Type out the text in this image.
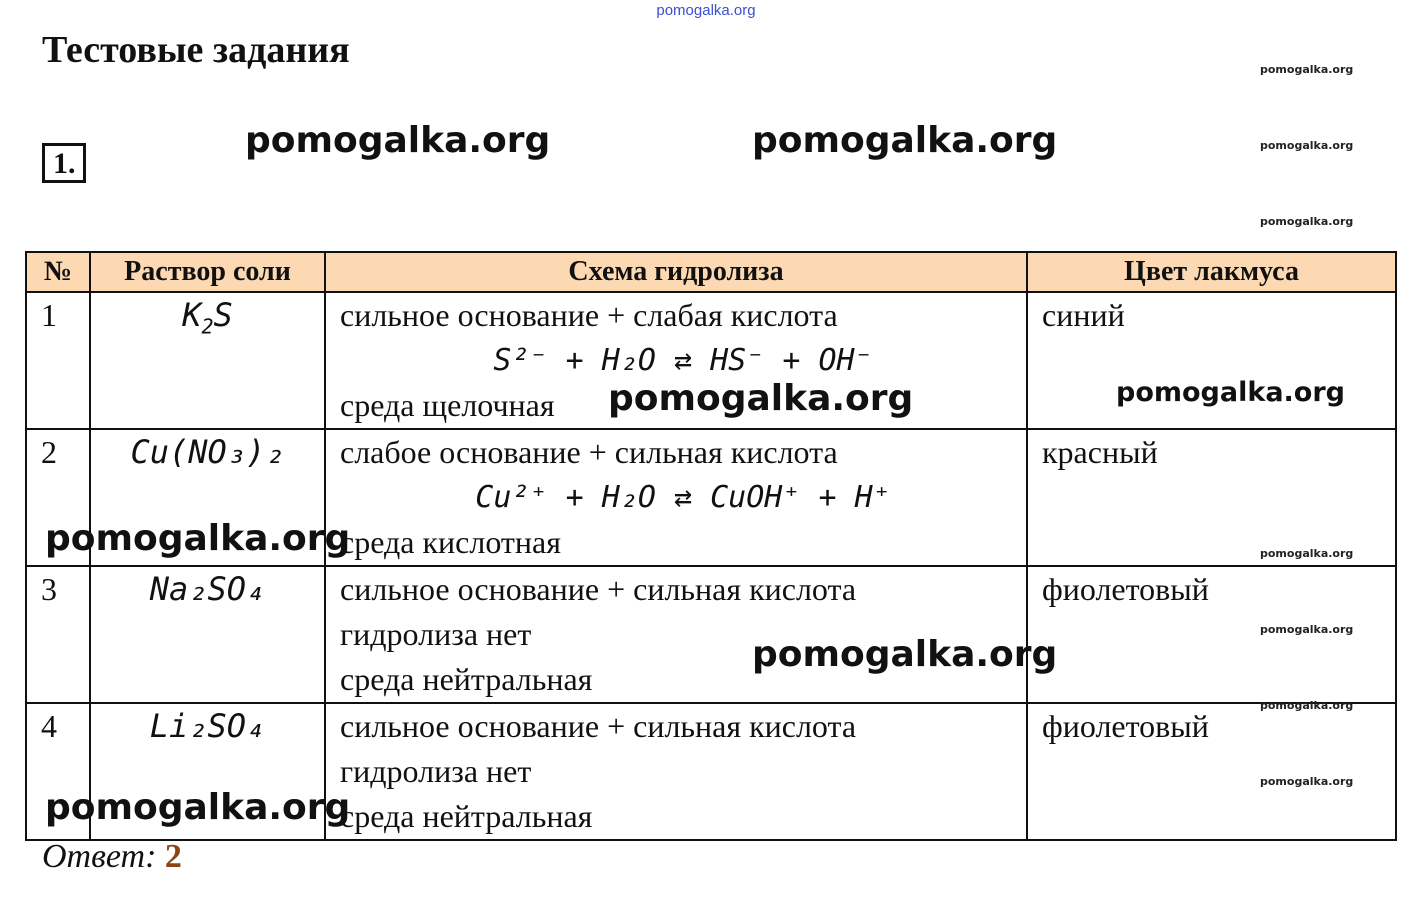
pomogalka.org
Тестовые задания
1.
pomogalka.org	pomogalka.org
pomogalka.org
pomogalka.org
pomogalka.org
№	Раствор соли	Схема гидролиза	Цвет лакмуса
1	$K_2S$	сильное основание + слабая кислота
S²⁻ + H₂O ⇄ HS⁻ + OH⁻
среда щелочная	синий
2	Cu(NO₃)₂	слабое основание + сильная кислота
Cu²⁺ + H₂O ⇄ CuOH⁺ + H⁺
среда кислотная	красный
3	Na₂SO₄	сильное основание + сильная кислота
гидролиза нет
среда нейтральная	фиолетовый
4	Li₂SO₄	сильное основание + сильная кислота
гидролиза нет
среда нейтральная	фиолетовый
pomogalka.org	pomogalka.org
pomogalka.org
pomogalka.org
pomogalka.org
pomogalka.org
pomogalka.org
pomogalka.org
pomogalka.org
Ответ: 2
